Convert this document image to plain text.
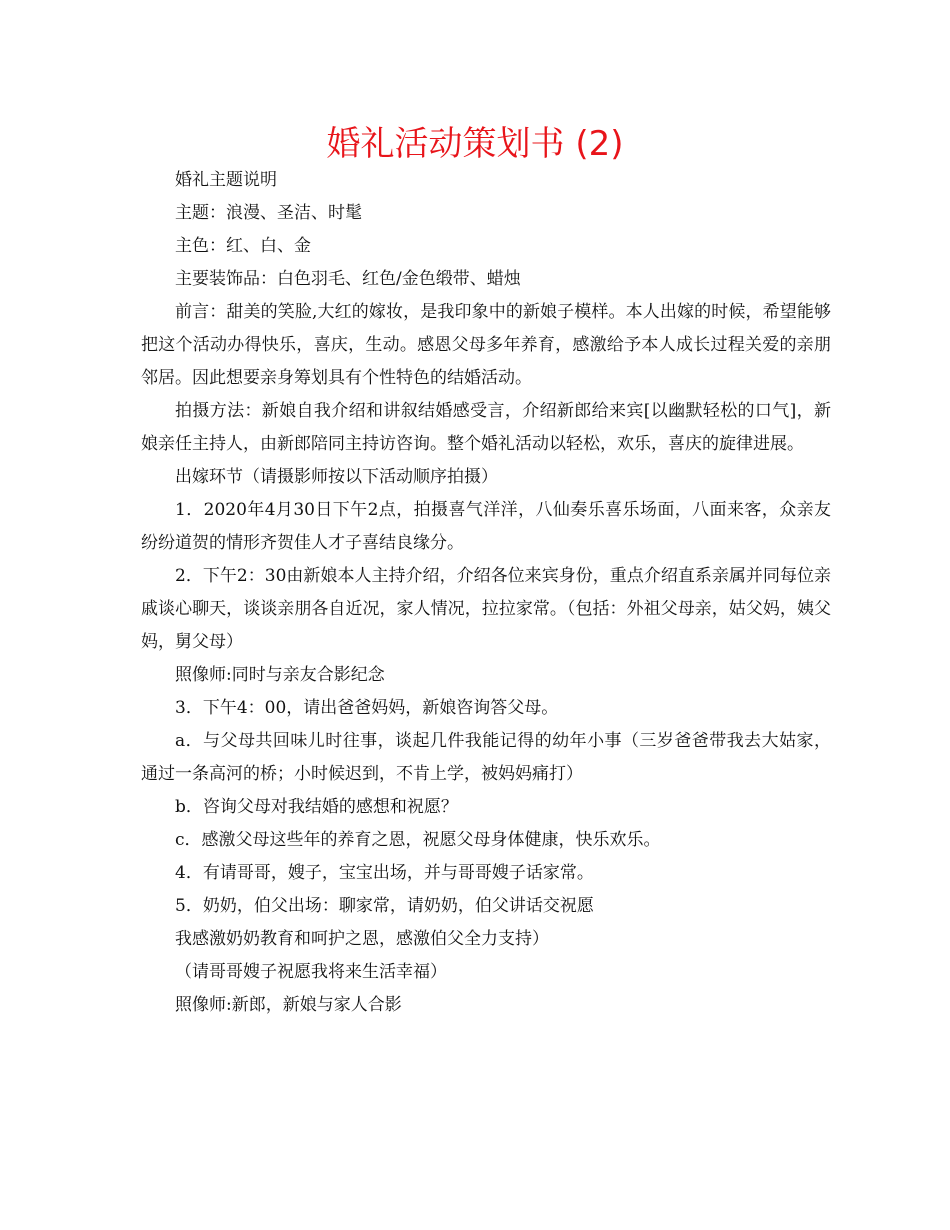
婚礼活动策划书 (2)

婚礼主题说明

主题：浪漫、圣洁、时髦

主色：红、白、金

主要装饰品：白色羽毛、红色/金色缎带、蜡烛

前言：甜美的笑脸,大红的嫁妆，是我印象中的新娘子模样。本人出嫁的时候，希望能够把这个活动办得快乐，喜庆，生动。感恩父母多年养育，感激给予本人成长过程关爱的亲朋邻居。因此想要亲身筹划具有个性特色的结婚活动。

拍摄方法：新娘自我介绍和讲叙结婚感受言，介绍新郎给来宾[以幽默轻松的口气]，新娘亲任主持人，由新郎陪同主持访咨询。整个婚礼活动以轻松，欢乐，喜庆的旋律进展。

出嫁环节（请摄影师按以下活动顺序拍摄）

1．2020年4月30日下午2点，拍摄喜气洋洋，八仙奏乐喜乐场面，八面来客，众亲友纷纷道贺的情形齐贺佳人才子喜结良缘分。

2．下午2：30由新娘本人主持介绍，介绍各位来宾身份，重点介绍直系亲属并同每位亲戚谈心聊天，谈谈亲朋各自近况，家人情况，拉拉家常。（包括：外祖父母亲，姑父妈，姨父妈，舅父母）

照像师:同时与亲友合影纪念

3．下午4：00，请出爸爸妈妈，新娘咨询答父母。

a．与父母共回味儿时往事，谈起几件我能记得的幼年小事（三岁爸爸带我去大姑家，通过一条高河的桥；小时候迟到，不肯上学，被妈妈痛打）

b．咨询父母对我结婚的感想和祝愿？

c．感激父母这些年的养育之恩，祝愿父母身体健康，快乐欢乐。

4．有请哥哥，嫂子，宝宝出场，并与哥哥嫂子话家常。

5．奶奶，伯父出场：聊家常，请奶奶，伯父讲话交祝愿

我感激奶奶教育和呵护之恩，感激伯父全力支持）

（请哥哥嫂子祝愿我将来生活幸福）

照像师:新郎，新娘与家人合影
